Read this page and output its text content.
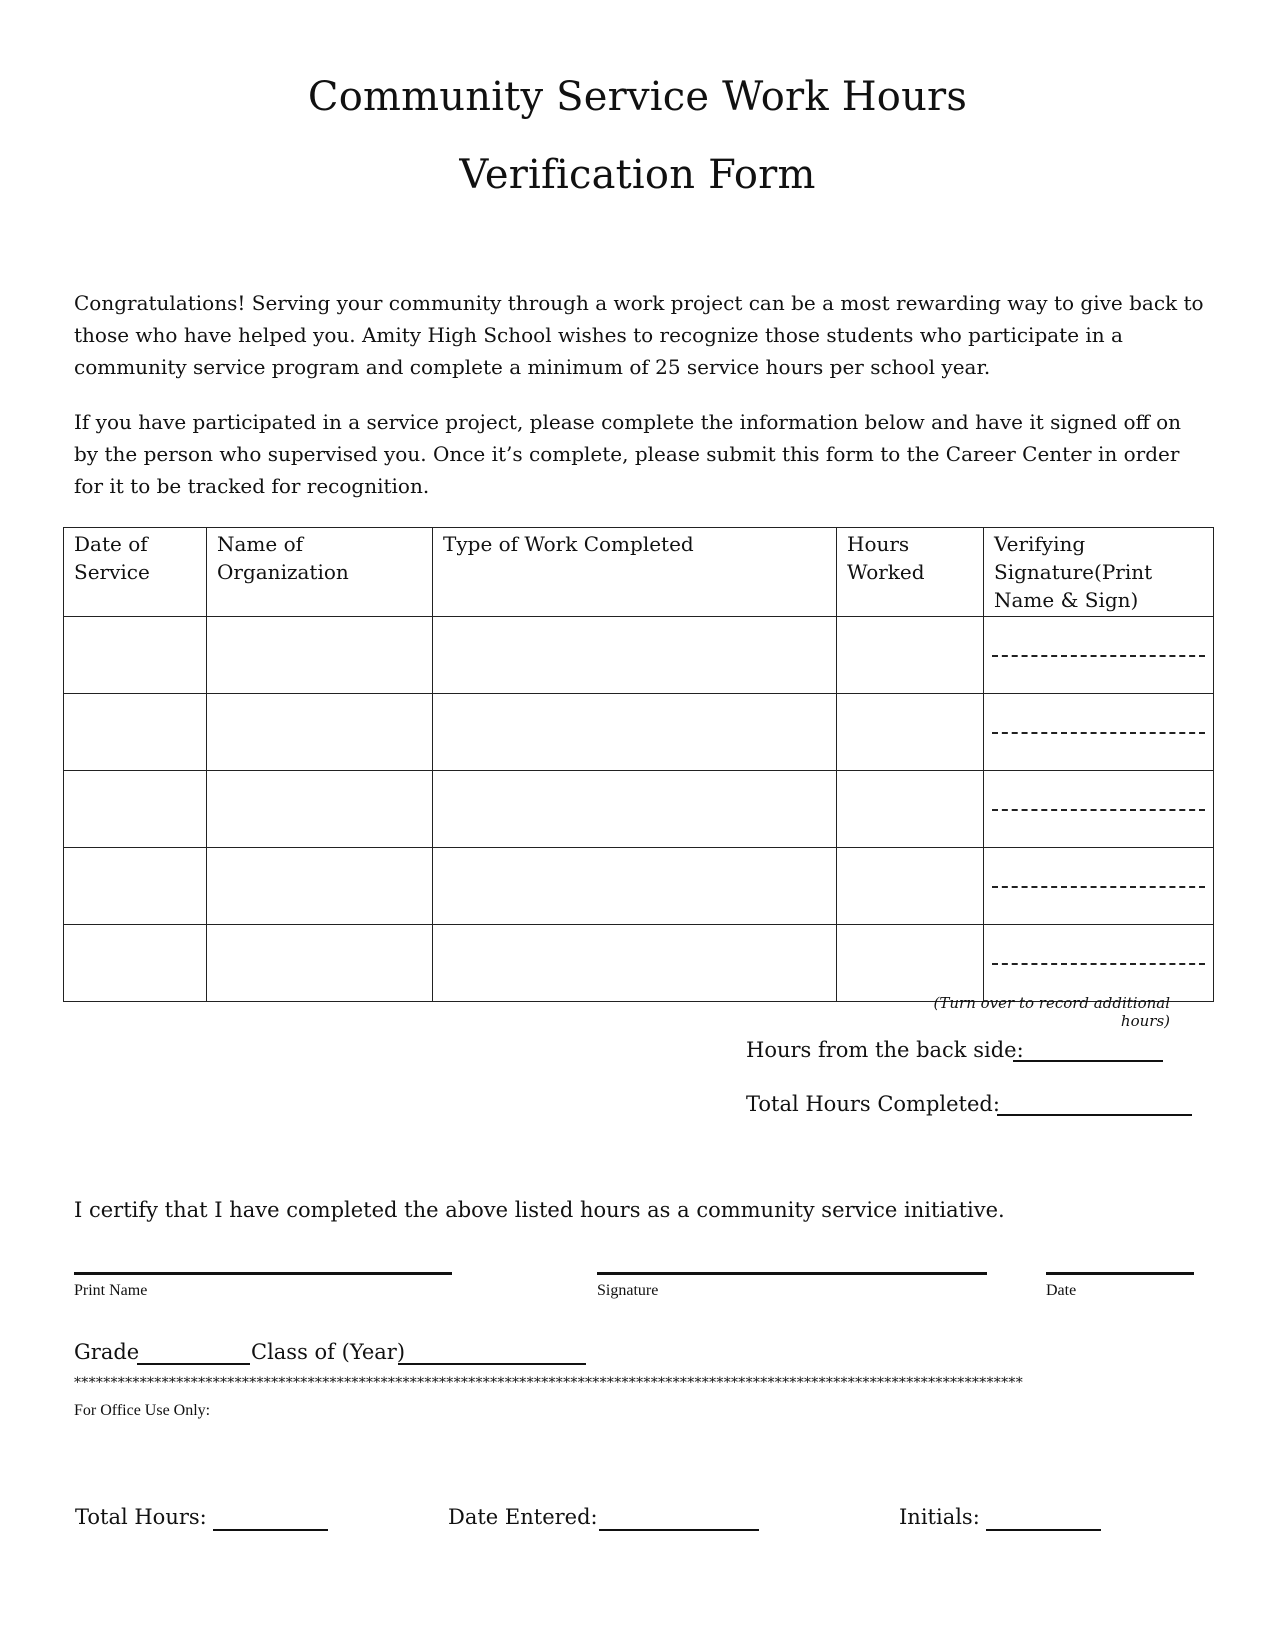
Community Service Work Hours
Verification Form

Congratulations! Serving your community through a work project can be a most rewarding way to give back to those who have helped you. Amity High School wishes to recognize those students who participate in a community service program and complete a minimum of 25 service hours per school year.

If you have participated in a service project, please complete the information below and have it signed off on by the person who supervised you. Once it’s complete, please submit this form to the Career Center in order for it to be tracked for recognition.

Date of Service	Name of Organization	Type of Work Completed	Hours Worked	Verifying Signature(Print Name & Sign)

(Turn over to record additional hours)
Hours from the back side:
Total Hours Completed:
I certify that I have completed the above listed hours as a community service initiative.
Print Name	Signature	Date
Grade	Class of (Year)
**********************************************************************************************************************************
For Office Use Only:
Total Hours:	Date Entered:	Initials:
